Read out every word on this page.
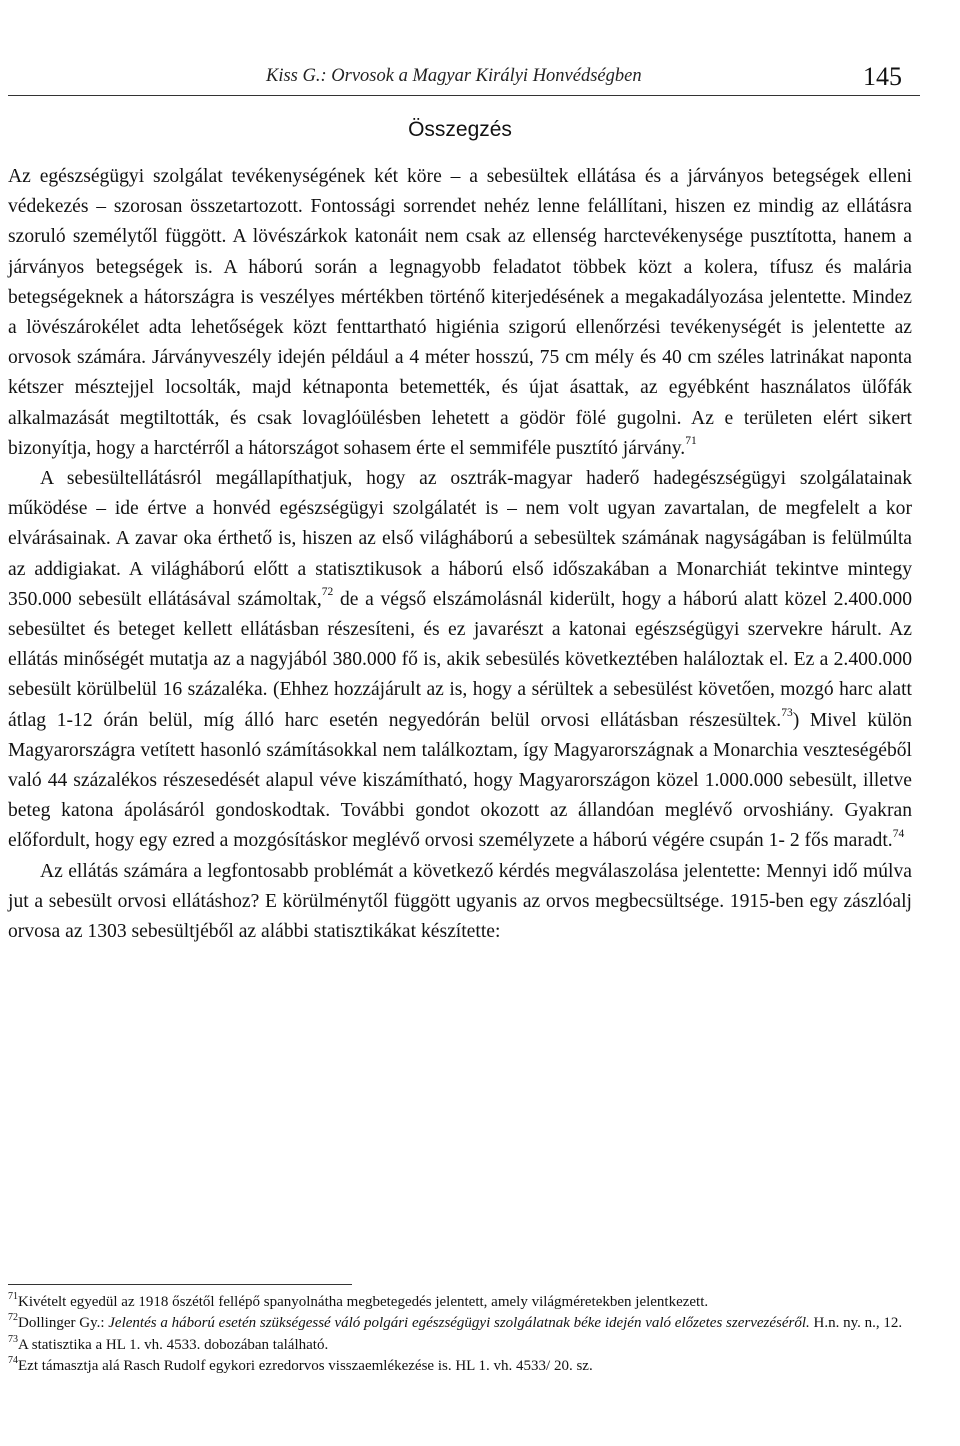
Kiss G.: Orvosok a Magyar Királyi Honvédségben	145
Összegzés

Az egészségügyi szolgálat tevékenységének két köre – a sebesültek ellátása és a járványos betegségek elleni védekezés – szorosan összetartozott. Fontossági sorrendet nehéz lenne felállítani, hiszen ez mindig az ellátásra szoruló személytől függött. A lövészárkok katonáit nem csak az ellenség harctevékenysége pusztította, hanem a járványos betegségek is. A háború során a legnagyobb feladatot többek közt a kolera, tífusz és malária betegségeknek a hátországra is veszélyes mértékben történő kiterjedésének a megakadályozása jelentette. Mindez a lövészárokélet adta lehetőségek közt fenttartható higiénia szigorú ellenőrzési tevékenységét is jelentette az orvosok számára. Járványveszély idején például a 4 méter hosszú, 75 cm mély és 40 cm széles latrinákat naponta kétszer mésztejjel locsolták, majd kétnaponta betemették, és újat ásattak, az egyébként használatos ülőfák alkalmazását megtiltották, és csak lovaglóülésben lehetett a gödör fölé gugolni. Az e területen elért sikert bizonyítja, hogy a harctérről a hátországot sohasem érte el semmiféle pusztító járvány.$^{71}$

A sebesültellátásról megállapíthatjuk, hogy az osztrák-magyar haderő hadegészségügyi szolgálatainak működése – ide értve a honvéd egészségügyi szolgálatét is – nem volt ugyan zavartalan, de megfelelt a kor elvárásainak. A zavar oka érthető is, hiszen az első világháború a sebesültek számának nagyságában is felülmúlta az addigiakat. A világháború előtt a statisztikusok a háború első időszakában a Monarchiát tekintve mintegy 350.000 sebesült ellátásával számoltak,$^{72}$ de a végső elszámolásnál kiderült, hogy a háború alatt közel 2.400.000 sebesültet és beteget kellett ellátásban részesíteni, és ez javarészt a katonai egészségügyi szervekre hárult. Az ellátás minőségét mutatja az a nagyjából 380.000 fő is, akik sebesülés következtében haláloztak el. Ez a 2.400.000 sebesült körülbelül 16 százaléka. (Ehhez hozzájárult az is, hogy a sérültek a sebesülést követően, mozgó harc alatt átlag 1-12 órán belül, míg álló harc esetén negyedórán belül orvosi ellátásban részesültek.$^{73}$) Mivel külön Magyarországra vetített hasonló számításokkal nem találkoztam, így Magyarországnak a Monarchia veszteségéből való 44 százalékos részesedését alapul véve kiszámítható, hogy Magyarországon közel 1.000.000 sebesült, illetve beteg katona ápolásáról gondoskodtak. További gondot okozott az állandóan meglévő orvoshiány. Gyakran előfordult, hogy egy ezred a mozgósításkor meglévő orvosi személyzete a háború végére csupán 1- 2 fős maradt.$^{74}$

Az ellátás számára a legfontosabb problémát a következő kérdés megválaszolása jelentette: Mennyi idő múlva jut a sebesült orvosi ellátáshoz? E körülménytől függött ugyanis az orvos megbecsültsége. 1915-ben egy zászlóalj orvosa az 1303 sebesültjéből az alábbi statisztikákat készítette:

$^{71}$Kivételt egyedül az 1918 őszétől fellépő spanyolnátha megbetegedés jelentett, amely világméretekben jelentkezett.

$^{72}$Dollinger Gy.: Jelentés a háború esetén szükségessé váló polgári egészségügyi szolgálatnak béke idején való előzetes szervezéséről. H.n. ny. n., 12.

$^{73}$A statisztika a HL 1. vh. 4533. dobozában található.

$^{74}$Ezt támasztja alá Rasch Rudolf egykori ezredorvos visszaemlékezése is. HL 1. vh. 4533/ 20. sz.
